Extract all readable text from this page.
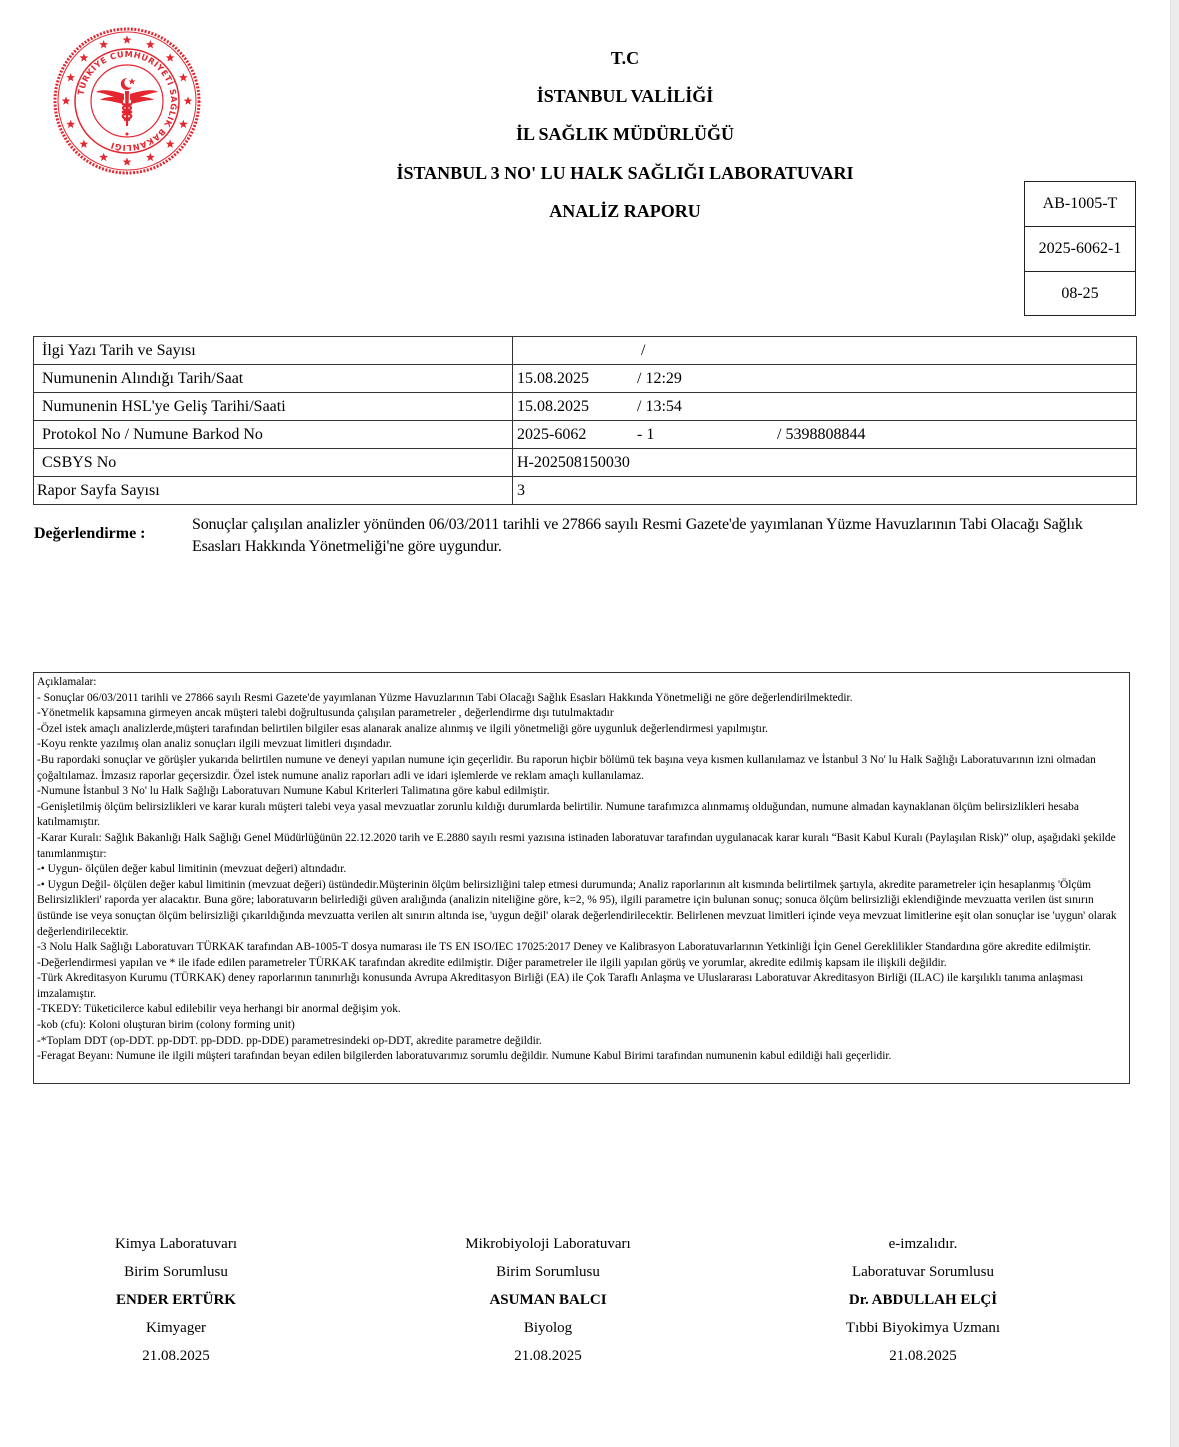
TÜRKİYE CUMHURİYETİ SAĞLIK BAKANLIĞI
T.C
İSTANBUL VALİLİĞİ
İL SAĞLIK MÜDÜRLÜĞÜ
İSTANBUL 3 NO' LU HALK SAĞLIĞI LABORATUVARI
ANALİZ RAPORU	AB-1005-T
2025-6062-1
08-25
İlgi Yazı Tarih ve Sayısı	/

Numunenin Alındığı Tarih/Saat	15.08.2025 / 12:29
Numunenin HSL'ye Geliş Tarihi/Saati	15.08.2025 / 13:54
Protokol No / Numune Barkod No	2025-6062 - 1 / 5398808844
CSBYS No	H-202508150030
Rapor Sayfa Sayısı	3
Değerlendirme :
Sonuçlar çalışılan analizler yönünden 06/03/2011 tarihli ve 27866 sayılı Resmi Gazete'de yayımlanan Yüzme Havuzlarının Tabi Olacağı Sağlık Esasları Hakkında Yönetmeliği'ne göre uygundur.

Açıklamalar:

- Sonuçlar 06/03/2011 tarihli ve 27866 sayılı Resmi Gazete'de yayımlanan Yüzme Havuzlarının Tabi Olacağı Sağlık Esasları Hakkında Yönetmeliği ne göre değerlendirilmektedir.

-Yönetmelik kapsamına girmeyen ancak müşteri talebi doğrultusunda çalışılan parametreler , değerlendirme dışı tutulmaktadır

-Özel istek amaçlı analizlerde,müşteri tarafından belirtilen bilgiler esas alanarak analize alınmış ve ilgili yönetmeliği göre uygunluk değerlendirmesi yapılmıştır.

-Koyu renkte yazılmış olan analiz sonuçları ilgili mevzuat limitleri dışındadır.

-Bu rapordaki sonuçlar ve görüşler yukarıda belirtilen numune ve deneyi yapılan numune için geçerlidir. Bu raporun hiçbir bölümü tek başına veya kısmen kullanılamaz ve İstanbul 3 No' lu Halk Sağlığı Laboratuvarının izni olmadan çoğaltılamaz. İmzasız raporlar geçersizdir. Özel istek numune analiz raporları adli ve idari işlemlerde ve reklam amaçlı kullanılamaz.

-Numune İstanbul 3 No' lu Halk Sağlığı Laboratuvarı Numune Kabul Kriterleri Talimatına göre kabul edilmiştir.

-Genişletilmiş ölçüm belirsizlikleri ve karar kuralı müşteri talebi veya yasal mevzuatlar zorunlu kıldığı durumlarda belirtilir. Numune tarafımızca alınmamış olduğundan, numune almadan kaynaklanan ölçüm belirsizlikleri hesaba katılmamıştır.

-Karar Kuralı: Sağlık Bakanlığı Halk Sağlığı Genel Müdürlüğünün 22.12.2020 tarih ve E.2880 sayılı resmi yazısına istinaden laboratuvar tarafından uygulanacak karar kuralı “Basit Kabul Kuralı (Paylaşılan Risk)” olup, aşağıdaki şekilde tanımlanmıştır:

-• Uygun- ölçülen değer kabul limitinin (mevzuat değeri) altındadır.

-• Uygun Değil- ölçülen değer kabul limitinin (mevzuat değeri) üstündedir.Müşterinin ölçüm belirsizliğini talep etmesi durumunda; Analiz raporlarının alt kısmında belirtilmek şartıyla, akredite parametreler için hesaplanmış 'Ölçüm Belirsizlikleri' raporda yer alacaktır. Buna göre; laboratuvarın belirlediği güven aralığında (analizin niteliğine göre, k=2, % 95), ilgili parametre için bulunan sonuç; sonuca ölçüm belirsizliği eklendiğinde mevzuatta verilen üst sınırın üstünde ise veya sonuçtan ölçüm belirsizliği çıkarıldığında mevzuatta verilen alt sınırın altında ise, 'uygun değil' olarak değerlendirilecektir. Belirlenen mevzuat limitleri içinde veya mevzuat limitlerine eşit olan sonuçlar ise 'uygun' olarak değerlendirilecektir.

-3 Nolu Halk Sağlığı Laboratuvarı TÜRKAK tarafından AB-1005-T dosya numarası ile TS EN ISO/IEC 17025:2017 Deney ve Kalibrasyon Laboratuvarlarının Yetkinliği İçin Genel Gereklilikler Standardına göre akredite edilmiştir.

-Değerlendirmesi yapılan ve * ile ifade edilen parametreler TÜRKAK tarafından akredite edilmiştir. Diğer parametreler ile ilgili yapılan görüş ve yorumlar, akredite edilmiş kapsam ile ilişkili değildir.

-Türk Akreditasyon Kurumu (TÜRKAK) deney raporlarının tanınırlığı konusunda Avrupa Akreditasyon Birliği (EA) ile Çok Taraflı Anlaşma ve Uluslararası Laboratuvar Akreditasyon Birliği (ILAC) ile karşılıklı tanıma anlaşması imzalamıştır.

-TKEDY: Tüketicilerce kabul edilebilir veya herhangi bir anormal değişim yok.

-kob (cfu): Koloni oluşturan birim (colony forming unit)

-*Toplam DDT (op-DDT. pp-DDT. pp-DDD. pp-DDE) parametresindeki op-DDT, akredite parametre değildir.

-Feragat Beyanı: Numune ile ilgili müşteri tarafından beyan edilen bilgilerden laboratuvarımız sorumlu değildir. Numune Kabul Birimi tarafından numunenin kabul edildiği hali geçerlidir.

Kimya Laboratuvarı
Birim Sorumlusu
ENDER ERTÜRK
Kimyager
21.08.2025
Mikrobiyoloji Laboratuvarı
Birim Sorumlusu
ASUMAN BALCI
Biyolog
21.08.2025
e-imzalıdır.
Laboratuvar Sorumlusu
Dr. ABDULLAH ELÇİ
Tıbbi Biyokimya Uzmanı
21.08.2025
